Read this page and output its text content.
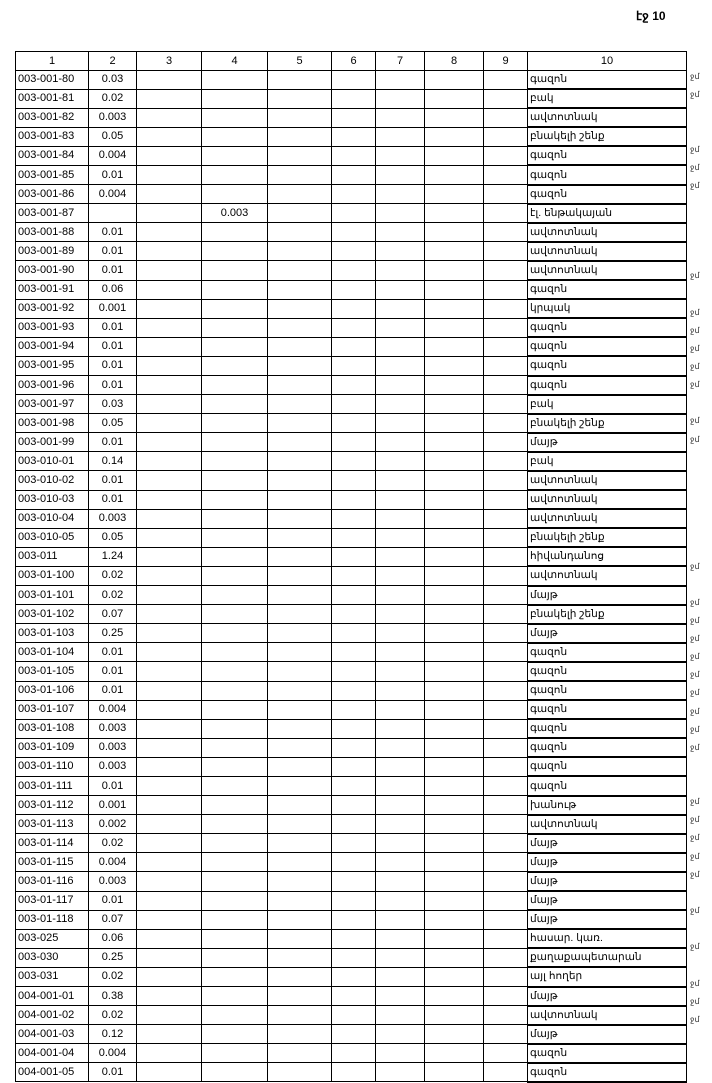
էջ 10
1	2	3	4	5	6	7	8	9	10
003-001-80	0.03								գազոն
003-001-81	0.02								բակ
003-001-82	0.003								ավտոտնակ
003-001-83	0.05								բնակելի շենք
003-001-84	0.004								գազոն
003-001-85	0.01								գազոն
003-001-86	0.004								գազոն
003-001-87			0.003						էլ. ենթակայան
003-001-88	0.01								ավտոտնակ
003-001-89	0.01								ավտոտնակ
003-001-90	0.01								ավտոտնակ
003-001-91	0.06								գազոն
003-001-92	0.001								կրպակ
003-001-93	0.01								գազոն
003-001-94	0.01								գազոն
003-001-95	0.01								գազոն
003-001-96	0.01								գազոն
003-001-97	0.03								բակ
003-001-98	0.05								բնակելի շենք
003-001-99	0.01								մայթ
003-010-01	0.14								բակ
003-010-02	0.01								ավտոտնակ
003-010-03	0.01								ավտոտնակ
003-010-04	0.003								ավտոտնակ
003-010-05	0.05								բնակելի շենք
003-011	1.24								հիվանդանոց
003-01-100	0.02								ավտոտնակ
003-01-101	0.02								մայթ
003-01-102	0.07								բնակելի շենք
003-01-103	0.25								մայթ
003-01-104	0.01								գազոն
003-01-105	0.01								գազոն
003-01-106	0.01								գազոն
003-01-107	0.004								գազոն
003-01-108	0.003								գազոն
003-01-109	0.003								գազոն
003-01-110	0.003								գազոն
003-01-111	0.01								գազոն
003-01-112	0.001								խանութ
003-01-113	0.002								ավտոտնակ
003-01-114	0.02								մայթ
003-01-115	0.004								մայթ
003-01-116	0.003								մայթ
003-01-117	0.01								մայթ
003-01-118	0.07								մայթ
003-025	0.06								հասար. կառ.
003-030	0.25								քաղաքապետարան
003-031	0.02								այլ հողեր
004-001-01	0.38								մայթ
004-001-02	0.02								ավտոտնակ
004-001-03	0.12								մայթ
004-001-04	0.004								գազոն
004-001-05	0.01								գազոն
ջմ
ջմ
ջմ
ջմ
ջմ
ջմ
ջմ
ջմ
ջմ
ջմ
ջմ
ջմ
ջմ
ջմ
ջմ
ջմ
ջմ
ջմ
ջմ
ջմ
ջմ
ջմ
ջմ
ջմ
ջմ
ջմ
ջմ
ջմ
ջմ
ջմ
ջմ
ջմ
ջմ
